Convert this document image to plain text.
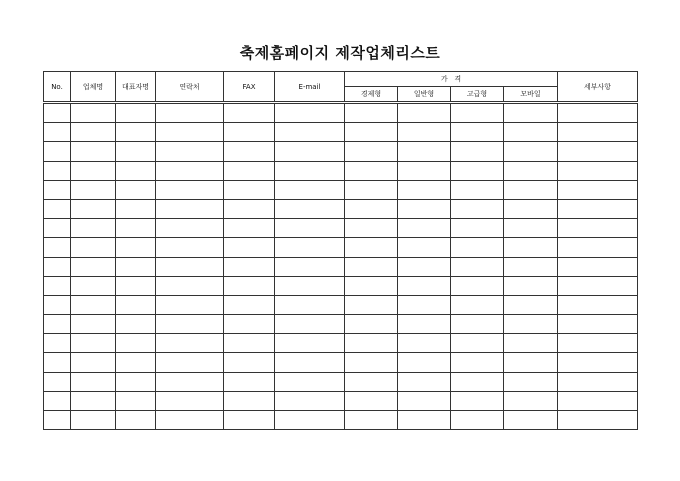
축제홈페이지 제작업체리스트
No.	업체명	대표자명	연락처	FAX	E-mail	가   격				세부사항
						경제형	일반형	고급형	모바일	
